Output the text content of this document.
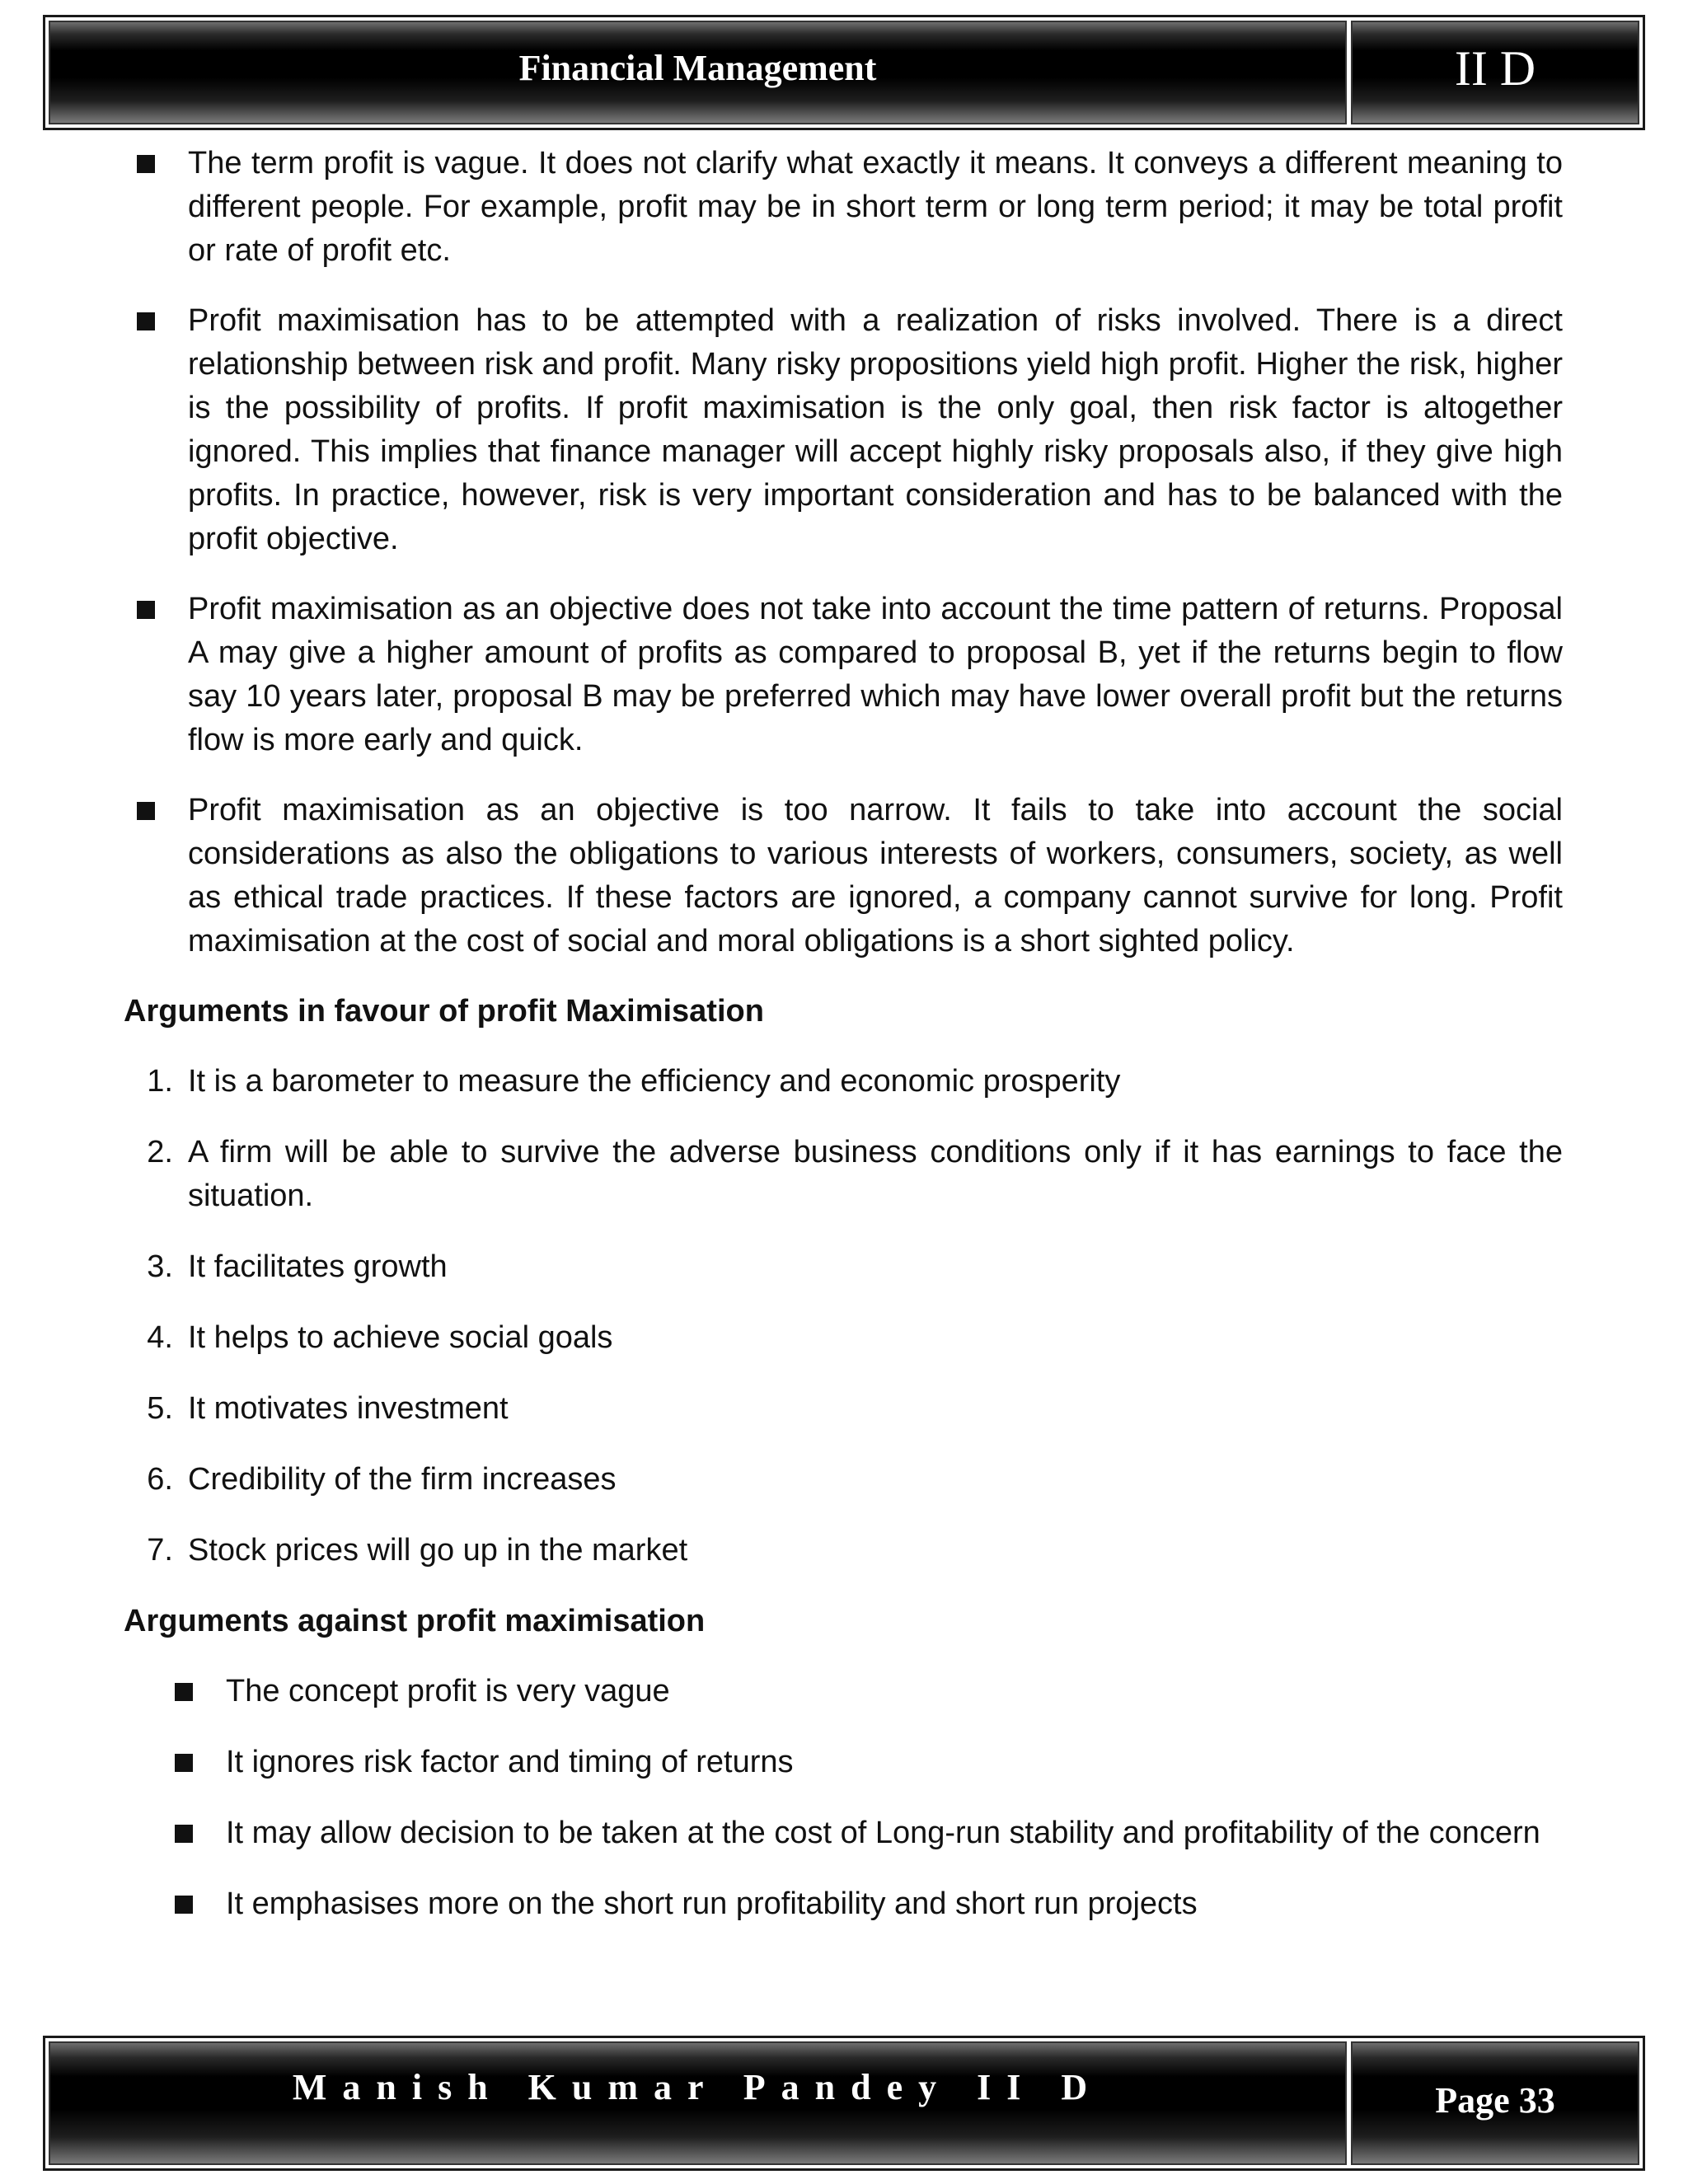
Financial Management	II D
The term profit is vague. It does not clarify what exactly it means. It conveys a different meaning to different people. For example, profit may be in short term or long term period; it may be total profit or rate of profit etc.
Profit maximisation has to be attempted with a realization of risks involved. There is a direct relationship between risk and profit. Many risky propositions yield high profit. Higher the risk, higher is the possibility of profits. If profit maximisation is the only goal, then risk factor is altogether ignored. This implies that finance manager will accept highly risky proposals also, if they give high profits. In practice, however, risk is very important consideration and has to be balanced with the profit objective.
Profit maximisation as an objective does not take into account the time pattern of returns. Proposal A may give a higher amount of profits as compared to proposal B, yet if the returns begin to flow say 10 years later, proposal B may be preferred which may have lower overall profit but the returns flow is more early and quick.
Profit maximisation as an objective is too narrow. It fails to take into account the social considerations as also the obligations to various interests of workers, consumers, society, as well as ethical trade practices. If these factors are ignored, a company cannot survive for long. Profit maximisation at the cost of social and moral obligations is a short sighted policy.
Arguments in favour of profit Maximisation
1. It is a barometer to measure the efficiency and economic prosperity
2. A firm will be able to survive the adverse business conditions only if it has earnings to face the situation.
3. It facilitates growth
4. It helps to achieve social goals
5. It motivates investment
6. Credibility of the firm increases
7. Stock prices will go up in the market
Arguments against profit maximisation
The concept profit is very vague
It ignores risk factor and timing of returns
It may allow decision to be taken at the cost of Long-run stability and profitability of the concern
It emphasises more on the short run profitability and short run projects
Manish Kumar Pandey II D	Page 33
